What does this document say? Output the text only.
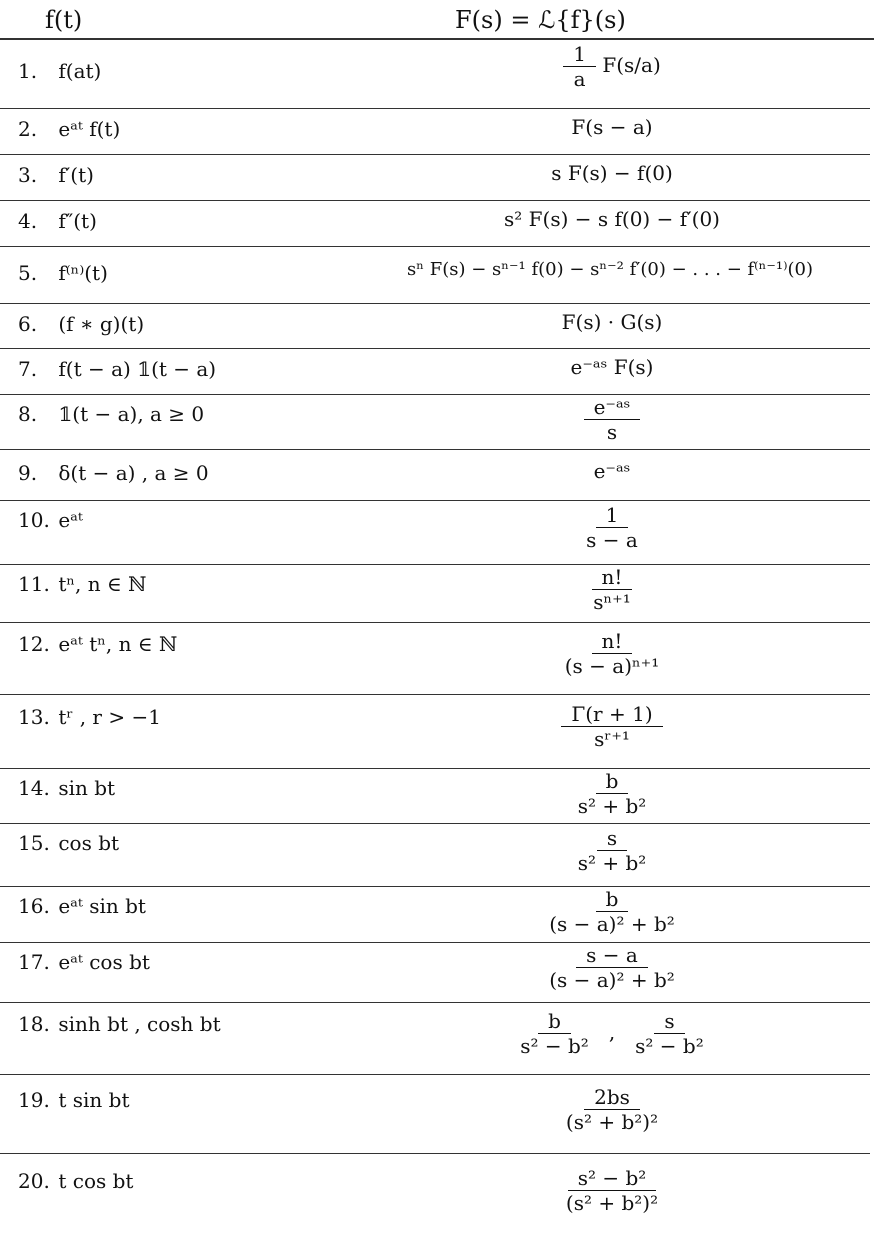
f(t)	F(s) = ℒ{f}(s)
1. f(at)	$\frac{1}{a} F(s/a)$
2. eᵃᵗ f(t)	F(s − a)
3. f′(t)	s F(s) − f(0)
4. f″(t)	s² F(s) − s f(0) − f′(0)
5. f⁽ⁿ⁾(t)	sⁿ F(s) − sⁿ⁻¹ f(0) − sⁿ⁻² f′(0) − . . . − f⁽ⁿ⁻¹⁾(0)
6. (f ∗ g)(t)	F(s) · G(s)
7. f(t − a) 𝟙(t − a)	e⁻ᵃˢ F(s)
8. 𝟙(t − a), a ≥ 0	$\frac{\text{e⁻ᵃˢ}}{s}$
9. δ(t − a) , a ≥ 0	e⁻ᵃˢ
10. eᵃᵗ	$\frac{1}{s - a}$
11. tⁿ, n ∈ ℕ	$\frac{n!}{\text{sⁿ⁺¹}}$
12. eᵃᵗ tⁿ, n ∈ ℕ	$\frac{n!}{\text{(s − a)ⁿ⁺¹}}$
13. tʳ , r > −1	$\frac{\Gamma(r + 1)}{\text{sʳ⁺¹}}$
14. sin bt	$\frac{b}{\text{s² + b²}}$
15. cos bt	$\frac{s}{\text{s² + b²}}$
16. eᵃᵗ sin bt	$\frac{b}{\text{(s − a)² + b²}}$
17. eᵃᵗ cos bt	$\frac{s - a}{\text{(s − a)² + b²}}$
18. sinh bt , cosh bt	$\frac{b}{\text{s² − b²}}$ , $\frac{s}{\text{s² − b²}}$
19. t sin bt	$\frac{2bs}{\text{(s² + b²)²}}$
20. t cos bt	$\frac{\text{s² − b²}}{\text{(s² + b²)²}}$
